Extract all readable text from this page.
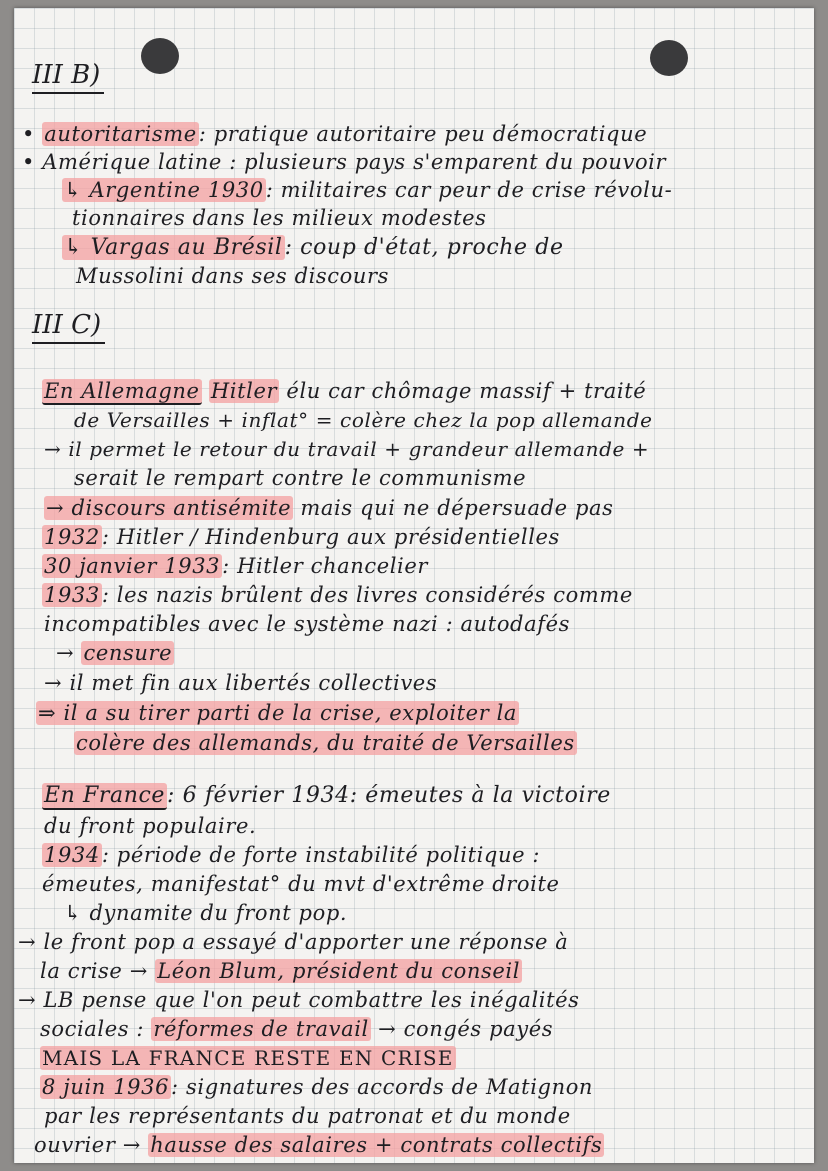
III B)
• autoritarisme: pratique autoritaire peu démocratique
• Amérique latine : plusieurs pays s'emparent du pouvoir
↳ Argentine 1930: militaires car peur de crise révolu-
tionnaires dans les milieux modestes
↳ Vargas au Brésil: coup d'état, proche de
Mussolini dans ses discours
III C)
En Allemagne Hitler élu car chômage massif + traité
de Versailles + inflat° = colère chez la pop allemande
→ il permet le retour du travail + grandeur allemande +
serait le rempart contre le communisme
→ discours antisémite mais qui ne dépersuade pas
1932: Hitler / Hindenburg aux présidentielles
30 janvier 1933: Hitler chancelier
1933: les nazis brûlent des livres considérés comme
incompatibles avec le système nazi : autodafés
→ censure
→ il met fin aux libertés collectives
⇒ il a su tirer parti de la crise, exploiter la
colère des allemands, du traité de Versailles
En France: 6 février 1934: émeutes à la victoire
du front populaire.
1934: période de forte instabilité politique :
émeutes, manifestat° du mvt d'extrême droite
↳ dynamite du front pop.
→ le front pop a essayé d'apporter une réponse à
la crise → Léon Blum, président du conseil
→ LB pense que l'on peut combattre les inégalités
sociales : réformes de travail → congés payés
MAIS LA FRANCE RESTE EN CRISE
8 juin 1936: signatures des accords de Matignon
par les représentants du patronat et du monde
ouvrier → hausse des salaires + contrats collectifs
